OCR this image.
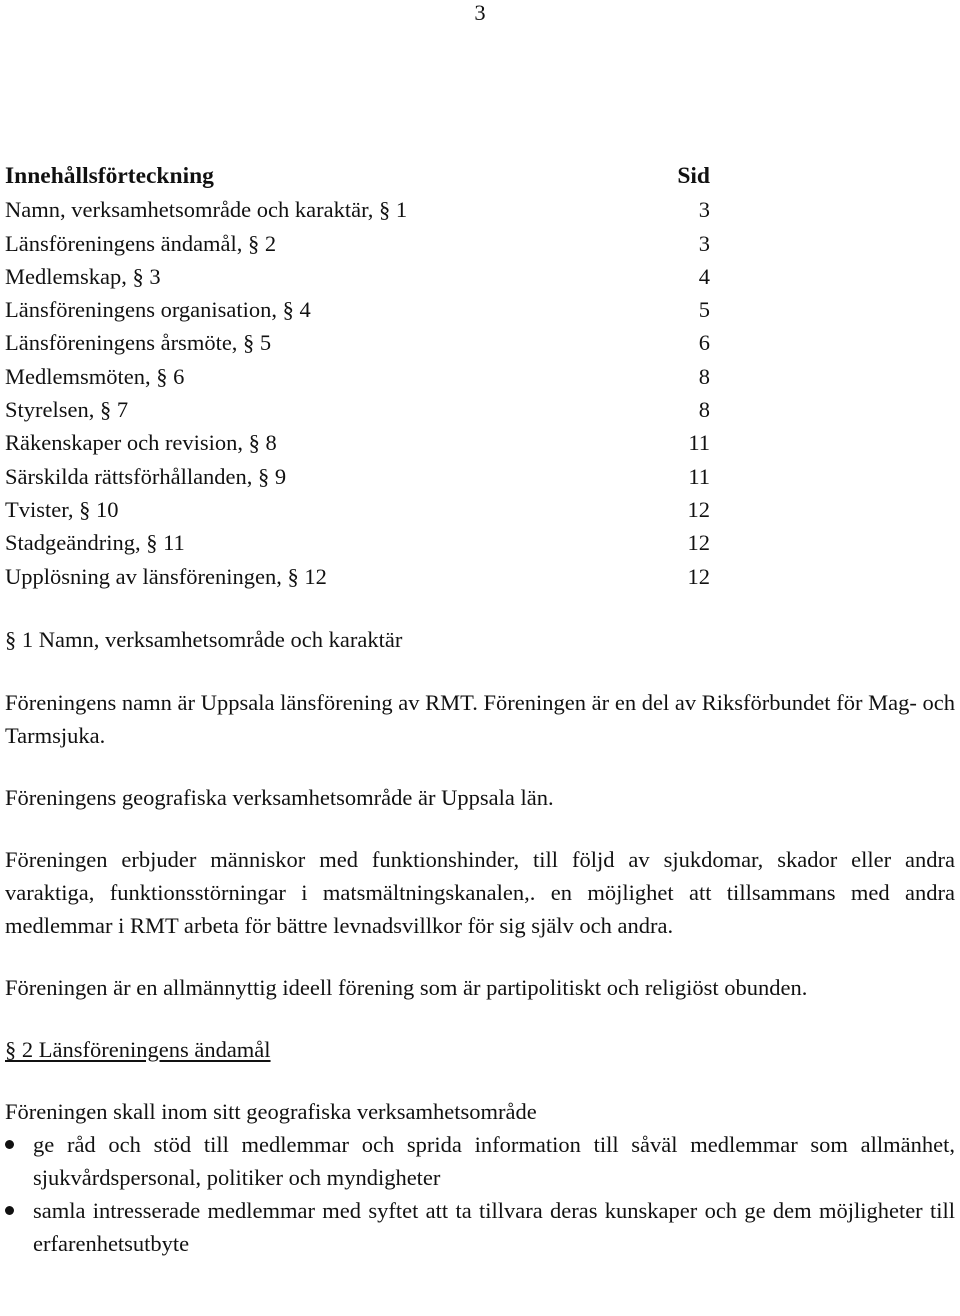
3
Innehållsförteckning	Sid
Namn, verksamhetsområde och karaktär, § 1	3
Länsföreningens ändamål, § 2	3
Medlemskap, § 3	4
Länsföreningens organisation, § 4	5
Länsföreningens årsmöte, § 5	6
Medlemsmöten, § 6	8
Styrelsen, § 7	8
Räkenskaper och revision, § 8	11
Särskilda rättsförhållanden, § 9	11
Tvister, § 10	12
Stadgeändring, § 11	12
Upplösning av länsföreningen, § 12	12
§ 1 Namn, verksamhetsområde och karaktär

Föreningens namn är Uppsala länsförening av RMT. Föreningen är en del av Riksförbundet för Mag- och Tarmsjuka.

Föreningens geografiska verksamhetsområde är Uppsala län.

Föreningen erbjuder människor med funktionshinder, till följd av sjukdomar, skador eller andra varaktiga, funktionsstörningar i matsmältningskanalen,. en möjlighet att tillsammans med andra medlemmar i RMT arbeta för bättre levnadsvillkor för sig själv och andra.

Föreningen är en allmännyttig ideell förening som är partipolitiskt och religiöst obunden.

§ 2 Länsföreningens ändamål

Föreningen skall inom sitt geografiska verksamhetsområde

ge råd och stöd till medlemmar och sprida information till såväl medlemmar som allmänhet, sjukvårdspersonal, politiker och myndigheter
samla intresserade medlemmar med syftet att ta tillvara deras kunskaper och ge dem möjligheter till erfarenhetsutbyte
